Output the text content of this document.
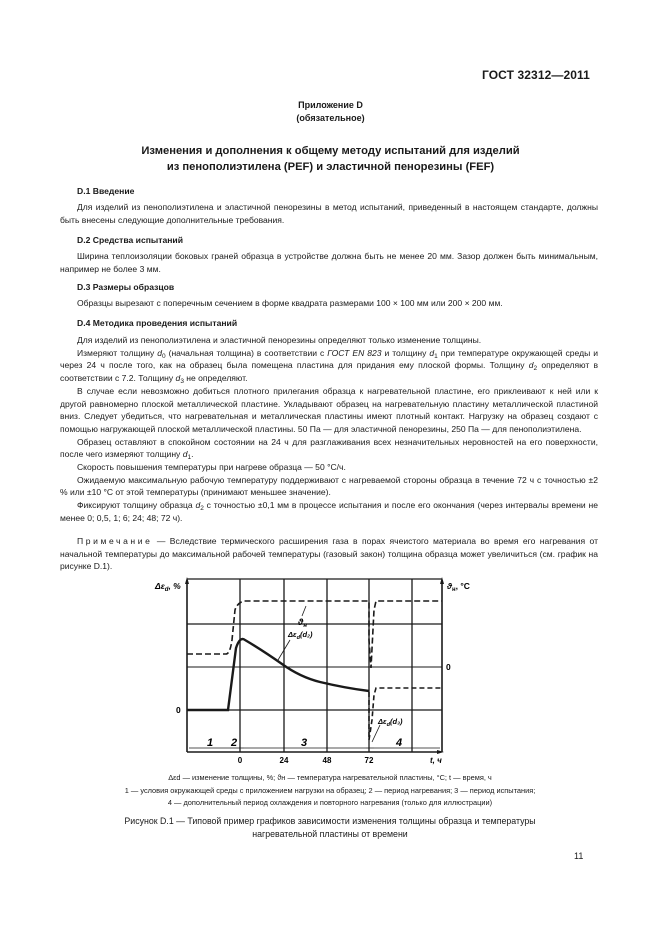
ГОСТ 32312—2011
Приложение D
(обязательное)
Изменения и дополнения к общему методу испытаний для изделий
из пенополиэтилена (PEF) и эластичной пенорезины (FEF)
D.1 Введение

Для изделий из пенополиэтилена и эластичной пенорезины в метод испытаний, приведенный в настоящем стандарте, должны быть внесены следующие дополнительные требования.

D.2 Средства испытаний

Ширина теплоизоляции боковых граней образца в устройстве должна быть не менее 20 мм. Зазор должен быть минимальным, например не более 3 мм.

D.3 Размеры образцов

Образцы вырезают с поперечным сечением в форме квадрата размерами 100 × 100 мм или 200 × 200 мм.

D.4 Методика проведения испытаний

Для изделий из пенополиэтилена и эластичной пенорезины определяют только изменение толщины.

Измеряют толщину $d_0$ (начальная толщина) в соответствии с ГОСТ EN 823 и толщину $d_1$ при температуре окружающей среды и через 24 ч после того, как на образец была помещена пластина для придания ему плоской формы. Толщину $d_2$ определяют в соответствии с 7.2. Толщину $d_3$ не определяют.

В случае если невозможно добиться плотного прилегания образца к нагревательной пластине, его приклеивают к ней или к другой равномерно плоской металлической пластине. Укладывают образец на нагревательную пластину металлической пластиной вниз. Следует убедиться, что нагревательная и металлическая пластины имеют плотный контакт. Нагрузку на образец создают с помощью нагружающей плоской металлической пластины. 50 Па — для эластичной пенорезины, 250 Па — для пенополиэтилена.

Образец оставляют в спокойном состоянии на 24 ч для разглаживания всех незначительных неровностей на его поверхности, после чего измеряют толщину $d_1$.

Скорость повышения температуры при нагреве образца — 50 °С/ч.

Ожидаемую максимальную рабочую температуру поддерживают с нагреваемой стороны образца в течение 72 ч с точностью ±2 % или ±10 °С от этой температуры (принимают меньшее значение).

Фиксируют толщину образца $d_2$ с точностью ±0,1 мм в процессе испытания и после его окончания (через интервалы времени не менее 0; 0,5, 1; 6; 24; 48; 72 ч).

Примечание — Вследствие термического расширения газа в порах ячеистого материала во время его нагревания от начальной температуры до максимальной рабочей температуры (газовый закон) толщина образца может увеличиться (см. график на рисунке D.1).

$\Delta\varepsilon_d$, %	$ϑ_н$, °C
0
0
$ϑ_н$
$\Delta\varepsilon_d(d_2)$
$\Delta\varepsilon_d(d_3)$
0	24	48	72	t, ч
1 2	3	4
Δεd — изменение толщины, %; ϑн — температура нагревательной пластины, °С; t — время, ч
1 — условия окружающей среды с приложением нагрузки на образец; 2 — период нагревания; 3 — период испытания;
4 — дополнительный период охлаждения и повторного нагревания (только для иллюстрации)
Рисунок D.1 — Типовой пример графиков зависимости изменения толщины образца и температуры
нагревательной пластины от времени
11
